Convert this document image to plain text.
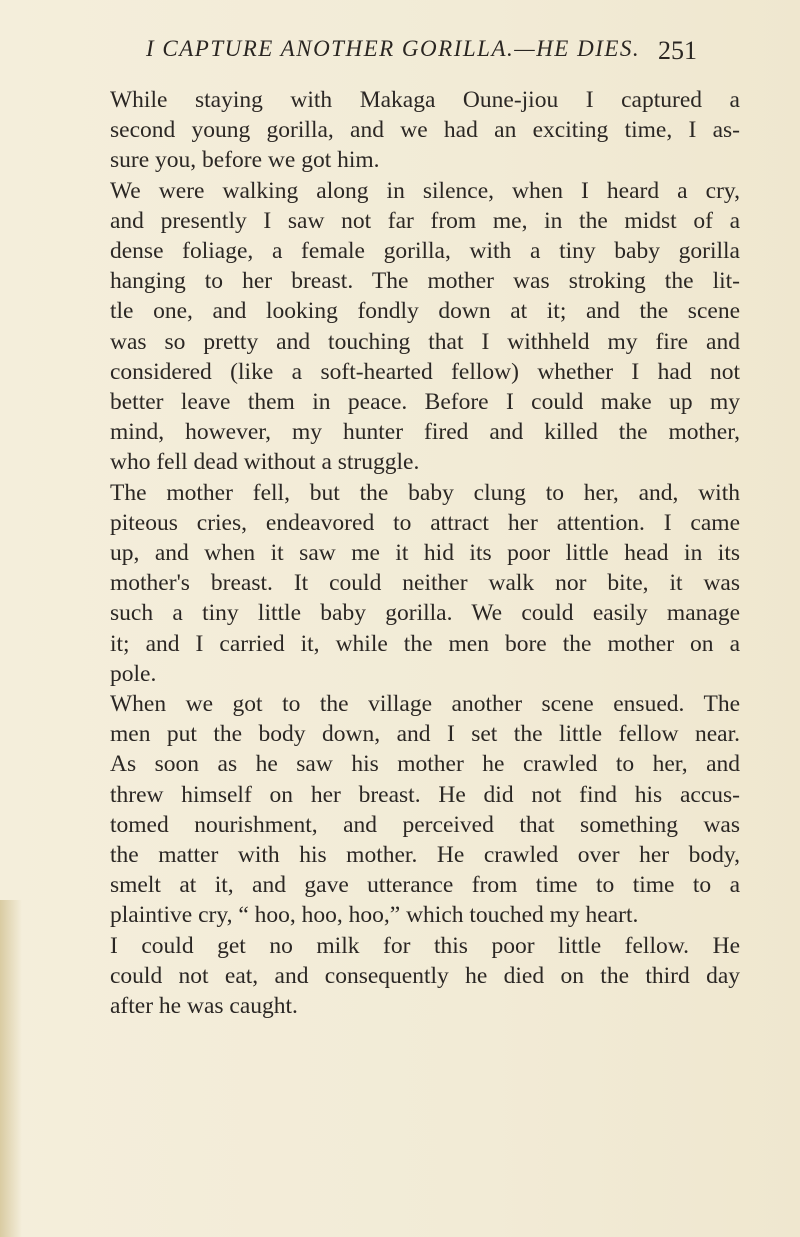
I CAPTURE ANOTHER GORILLA.—HE DIES. 251

While staying with Makaga Oune-jiou I captured a
second young gorilla, and we had an exciting time, I as-
sure you, before we got him.

We were walking along in silence, when I heard a cry,
and presently I saw not far from me, in the midst of a
dense foliage, a female gorilla, with a tiny baby gorilla
hanging to her breast. The mother was stroking the lit-
tle one, and looking fondly down at it; and the scene
was so pretty and touching that I withheld my fire and
considered (like a soft-hearted fellow) whether I had not
better leave them in peace. Before I could make up my
mind, however, my hunter fired and killed the mother,
who fell dead without a struggle.

The mother fell, but the baby clung to her, and, with
piteous cries, endeavored to attract her attention. I came
up, and when it saw me it hid its poor little head in its
mother's breast. It could neither walk nor bite, it was
such a tiny little baby gorilla. We could easily manage
it; and I carried it, while the men bore the mother on a
pole.

When we got to the village another scene ensued. The
men put the body down, and I set the little fellow near.
As soon as he saw his mother he crawled to her, and
threw himself on her breast. He did not find his accus-
tomed nourishment, and perceived that something was
the matter with his mother. He crawled over her body,
smelt at it, and gave utterance from time to time to a
plaintive cry, “ hoo, hoo, hoo,” which touched my heart.

I could get no milk for this poor little fellow. He
could not eat, and consequently he died on the third day
after he was caught.
